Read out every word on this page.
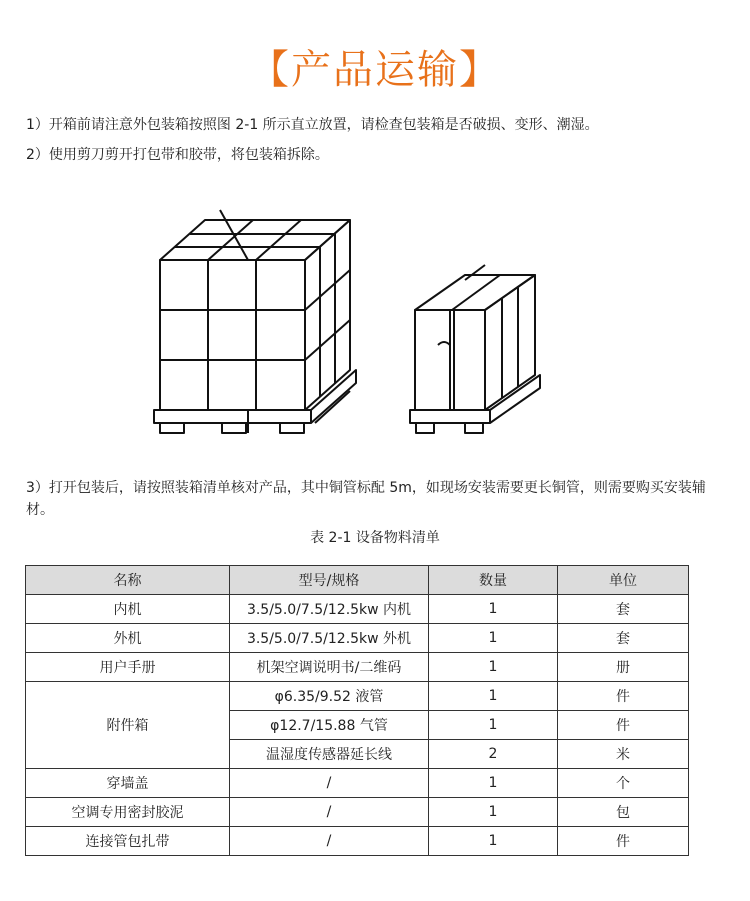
【产品运输】
1）开箱前请注意外包装箱按照图 2-1 所示直立放置，请检查包装箱是否破损、变形、潮湿。
2）使用剪刀剪开打包带和胶带，将包装箱拆除。
3）打开包装后，请按照装箱清单核对产品，其中铜管标配 5m，如现场安装需要更长铜管，则需要购买安装辅材。
表 2-1 设备物料清单
名称	型号/规格	数量	单位
内机	3.5/5.0/7.5/12.5kw 内机	1	套
外机	3.5/5.0/7.5/12.5kw 外机	1	套
用户手册	机架空调说明书/二维码	1	册
附件箱	φ6.35/9.52 液管	1	件
	φ12.7/15.88 气管	1	件
	温湿度传感器延长线	2	米
穿墙盖	/	1	个
空调专用密封胶泥	/	1	包
连接管包扎带	/	1	件
